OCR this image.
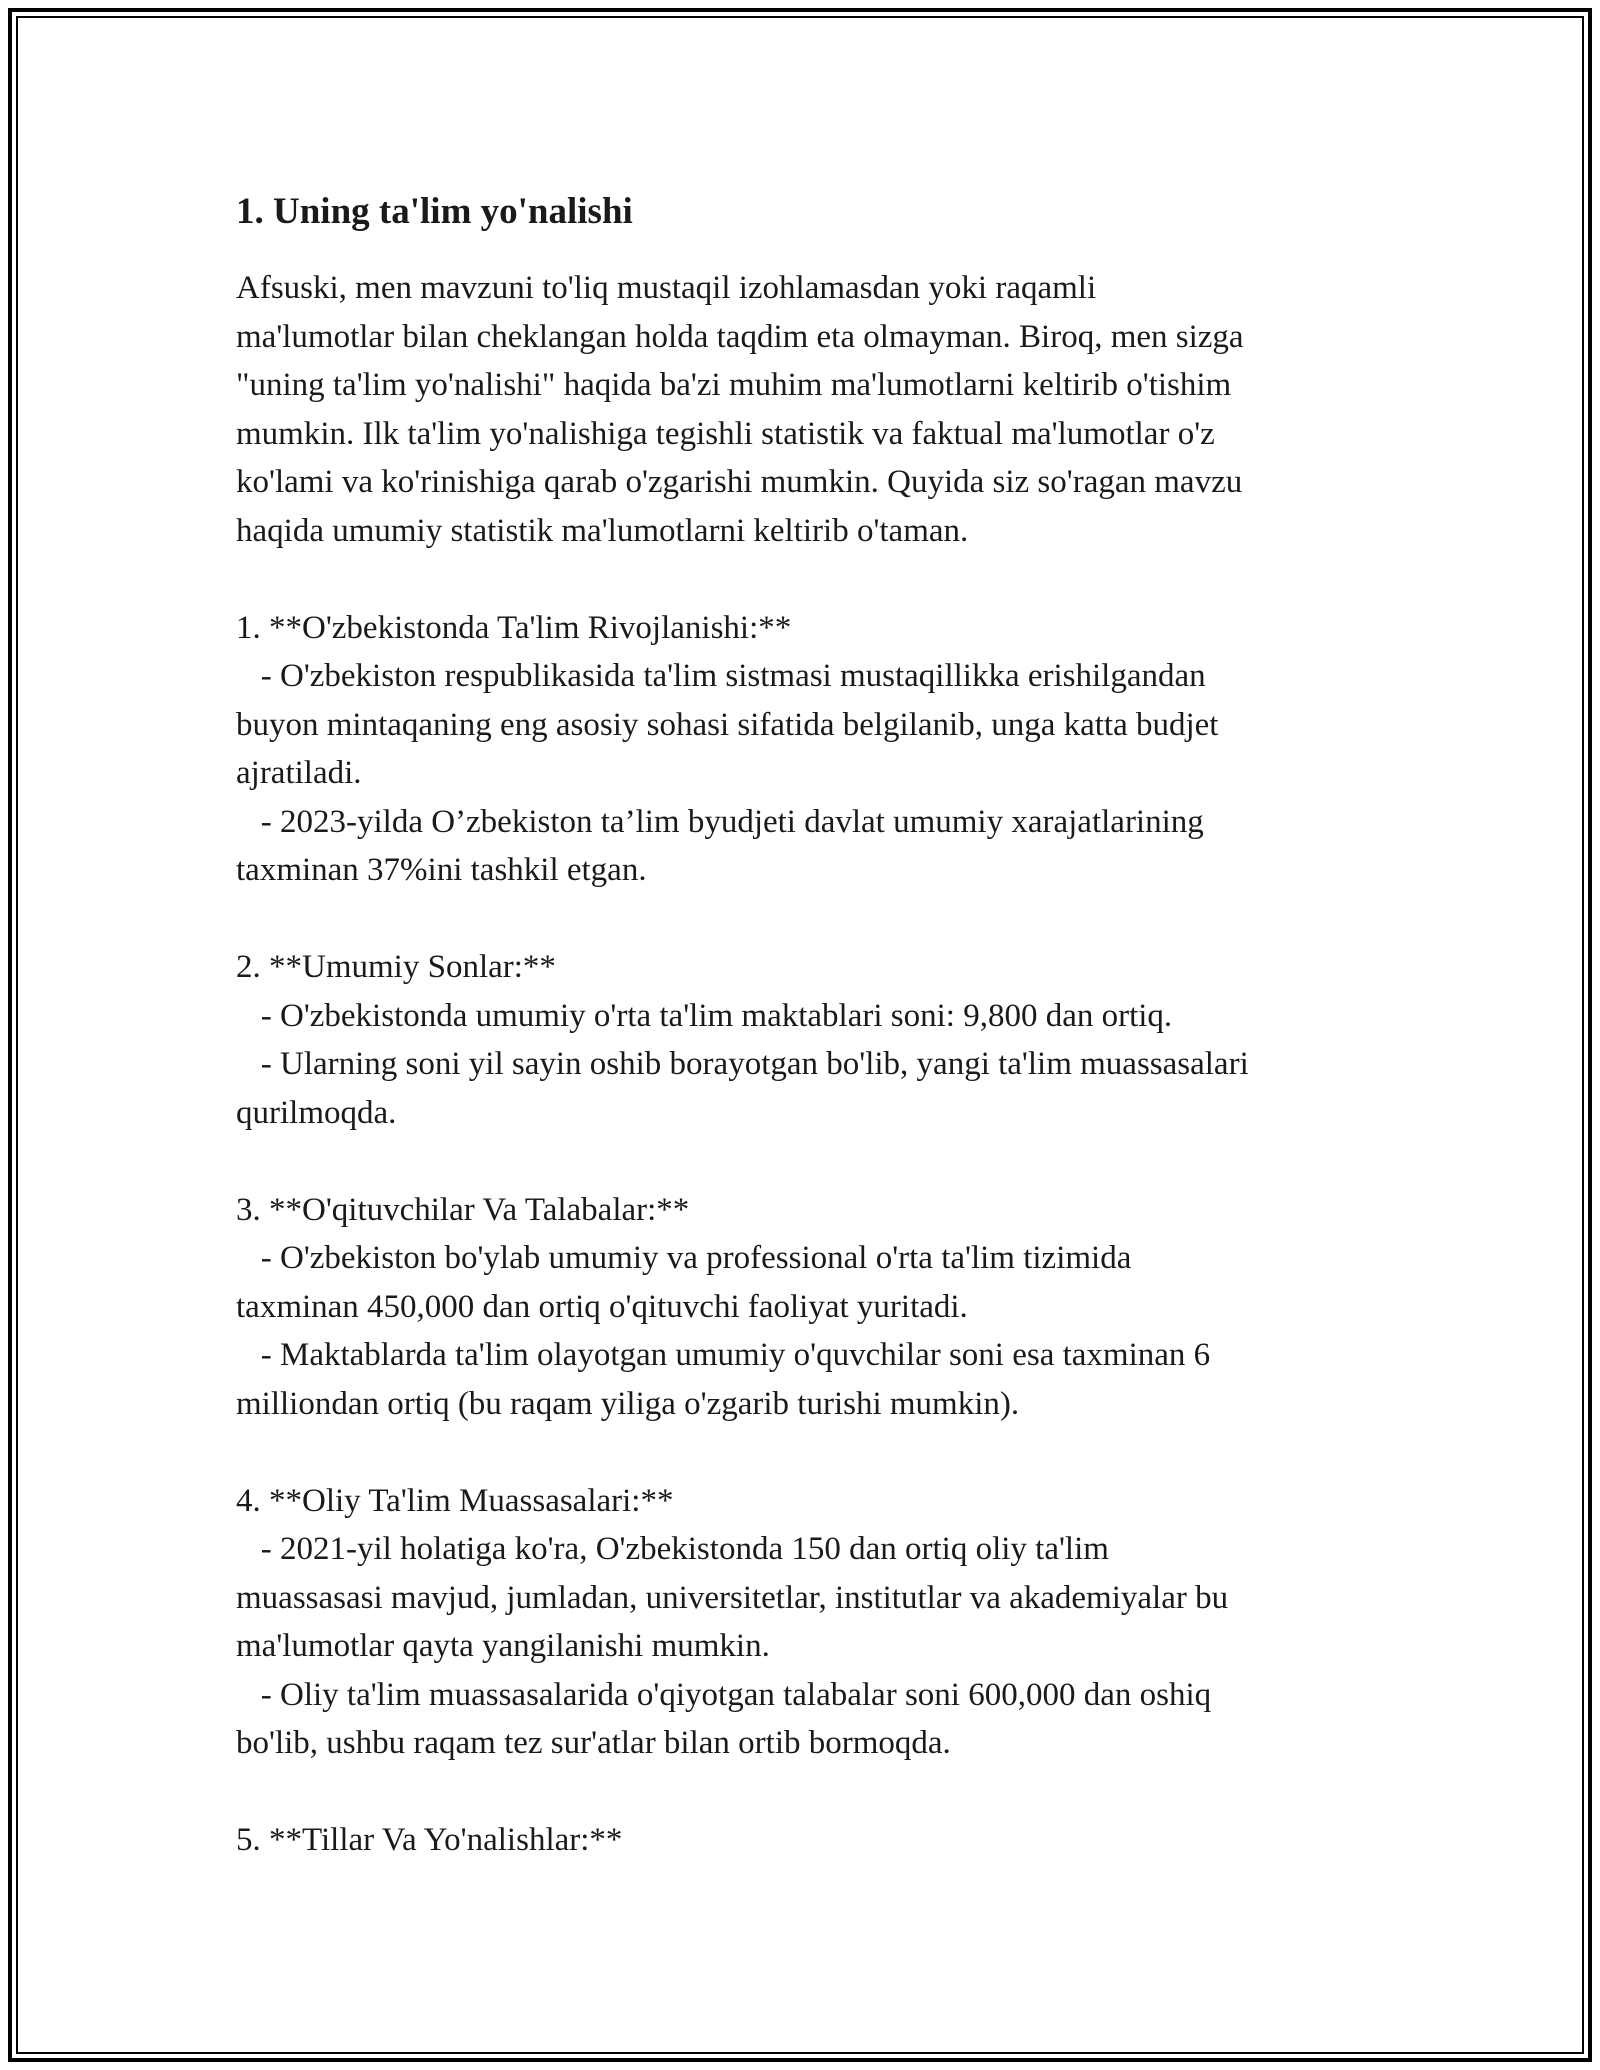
1. Uning ta'lim yo'nalishi
Afsuski, men mavzuni to'liq mustaqil izohlamasdan yoki raqamli
ma'lumotlar bilan cheklangan holda taqdim eta olmayman. Biroq, men sizga
"uning ta'lim yo'nalishi" haqida ba'zi muhim ma'lumotlarni keltirib o'tishim
mumkin. Ilk ta'lim yo'nalishiga tegishli statistik va faktual ma'lumotlar o'z
ko'lami va ko'rinishiga qarab o'zgarishi mumkin. Quyida siz so'ragan mavzu
haqida umumiy statistik ma'lumotlarni keltirib o'taman.
1. **O'zbekistonda Ta'lim Rivojlanishi:**
- O'zbekiston respublikasida ta'lim sistmasi mustaqillikka erishilgandan
buyon mintaqaning eng asosiy sohasi sifatida belgilanib, unga katta budjet
ajratiladi.
- 2023-yilda O’zbekiston ta’lim byudjeti davlat umumiy xarajatlarining
taxminan 37%ini tashkil etgan.
2. **Umumiy Sonlar:**
- O'zbekistonda umumiy o'rta ta'lim maktablari soni: 9,800 dan ortiq.
- Ularning soni yil sayin oshib borayotgan bo'lib, yangi ta'lim muassasalari
qurilmoqda.
3. **O'qituvchilar Va Talabalar:**
- O'zbekiston bo'ylab umumiy va professional o'rta ta'lim tizimida
taxminan 450,000 dan ortiq o'qituvchi faoliyat yuritadi.
- Maktablarda ta'lim olayotgan umumiy o'quvchilar soni esa taxminan 6
milliondan ortiq (bu raqam yiliga o'zgarib turishi mumkin).
4. **Oliy Ta'lim Muassasalari:**
- 2021-yil holatiga ko'ra, O'zbekistonda 150 dan ortiq oliy ta'lim
muassasasi mavjud, jumladan, universitetlar, institutlar va akademiyalar bu
ma'lumotlar qayta yangilanishi mumkin.
- Oliy ta'lim muassasalarida o'qiyotgan talabalar soni 600,000 dan oshiq
bo'lib, ushbu raqam tez sur'atlar bilan ortib bormoqda.
5. **Tillar Va Yo'nalishlar:**
